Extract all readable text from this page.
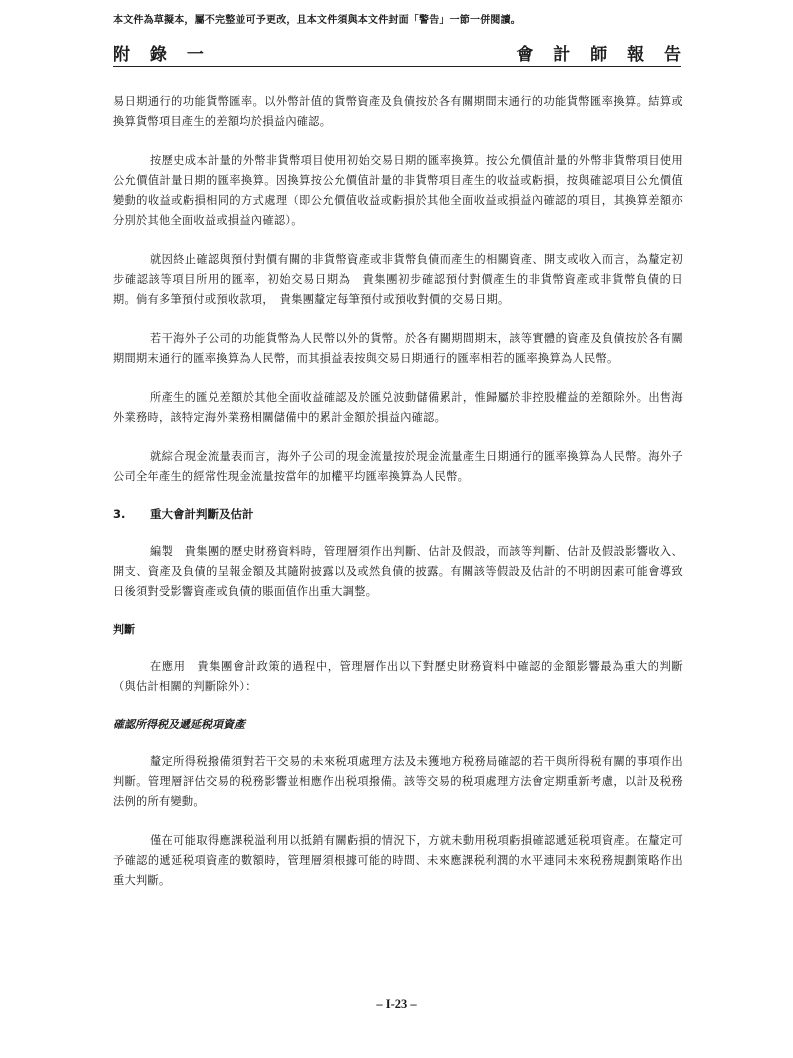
本文件為草擬本，屬不完整並可予更改，且本文件須與本文件封面「警告」一節一併閱讀。
附 錄 一	會 計 師 報 告

易日期通行的功能貨幣匯率。以外幣計值的貨幣資產及負債按於各有關期間末通行的功能貨幣匯率換算。結算或換算貨幣項目產生的差額均於損益內確認。

按歷史成本計量的外幣非貨幣項目使用初始交易日期的匯率換算。按公允價值計量的外幣非貨幣項目使用公允價值計量日期的匯率換算。因換算按公允價值計量的非貨幣項目產生的收益或虧損，按與確認項目公允價值變動的收益或虧損相同的方式處理（即公允價值收益或虧損於其他全面收益或損益內確認的項目，其換算差額亦分別於其他全面收益或損益內確認）。

就因終止確認與預付對價有關的非貨幣資產或非貨幣負債而產生的相關資產、開支或收入而言，為釐定初步確認該等項目所用的匯率，初始交易日期為　貴集團初步確認預付對價產生的非貨幣資產或非貨幣負債的日期。倘有多筆預付或預收款項，　貴集團釐定每筆預付或預收對價的交易日期。

若干海外子公司的功能貨幣為人民幣以外的貨幣。於各有關期間期末，該等實體的資產及負債按於各有關期間期末通行的匯率換算為人民幣，而其損益表按與交易日期通行的匯率相若的匯率換算為人民幣。

所產生的匯兑差額於其他全面收益確認及於匯兑波動儲備累計，惟歸屬於非控股權益的差額除外。出售海外業務時，該特定海外業務相關儲備中的累計金額於損益內確認。

就綜合現金流量表而言，海外子公司的現金流量按於現金流量產生日期通行的匯率換算為人民幣。海外子公司全年產生的經常性現金流量按當年的加權平均匯率換算為人民幣。

3. 重大會計判斷及估計

編製　貴集團的歷史財務資料時，管理層須作出判斷、估計及假設，而該等判斷、估計及假設影響收入、開支、資產及負債的呈報金額及其隨附披露以及或然負債的披露。有關該等假設及估計的不明朗因素可能會導致日後須對受影響資產或負債的賬面值作出重大調整。

判斷

在應用　貴集團會計政策的過程中，管理層作出以下對歷史財務資料中確認的金額影響最為重大的判斷（與估計相關的判斷除外）：

確認所得税及遞延税項資產

釐定所得税撥備須對若干交易的未來税項處理方法及未獲地方税務局確認的若干與所得税有關的事項作出判斷。管理層評估交易的税務影響並相應作出税項撥備。該等交易的税項處理方法會定期重新考慮，以計及税務法例的所有變動。

僅在可能取得應課税溢利用以抵銷有關虧損的情況下，方就未動用税項虧損確認遞延税項資產。在釐定可予確認的遞延税項資產的數額時，管理層須根據可能的時間、未來應課税利潤的水平連同未來税務規劃策略作出重大判斷。

– I-23 –
